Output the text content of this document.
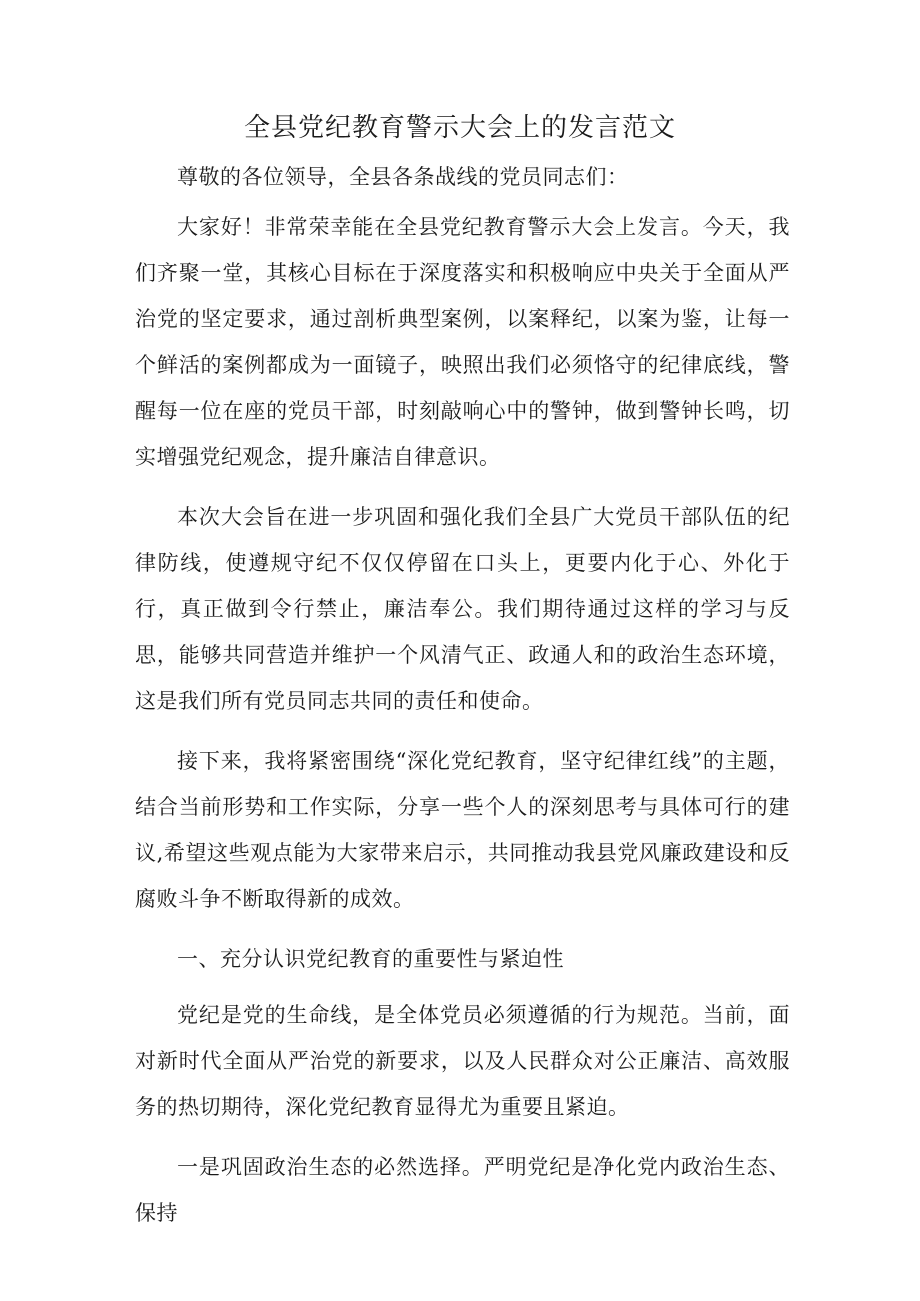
全县党纪教育警示大会上的发言范文

尊敬的各位领导，全县各条战线的党员同志们：

大家好！非常荣幸能在全县党纪教育警示大会上发言。今天，我们齐聚一堂，其核心目标在于深度落实和积极响应中央关于全面从严治党的坚定要求，通过剖析典型案例，以案释纪，以案为鉴，让每一个鲜活的案例都成为一面镜子，映照出我们必须恪守的纪律底线，警醒每一位在座的党员干部，时刻敲响心中的警钟，做到警钟长鸣，切实增强党纪观念，提升廉洁自律意识。

本次大会旨在进一步巩固和强化我们全县广大党员干部队伍的纪律防线，使遵规守纪不仅仅停留在口头上，更要内化于心、外化于行，真正做到令行禁止，廉洁奉公。我们期待通过这样的学习与反思，能够共同营造并维护一个风清气正、政通人和的政治生态环境，这是我们所有党员同志共同的责任和使命。

接下来，我将紧密围绕“深化党纪教育，坚守纪律红线”的主题，结合当前形势和工作实际，分享一些个人的深刻思考与具体可行的建议,希望这些观点能为大家带来启示，共同推动我县党风廉政建设和反腐败斗争不断取得新的成效。

一、充分认识党纪教育的重要性与紧迫性

党纪是党的生命线，是全体党员必须遵循的行为规范。当前，面对新时代全面从严治党的新要求，以及人民群众对公正廉洁、高效服务的热切期待，深化党纪教育显得尤为重要且紧迫。

一是巩固政治生态的必然选择。严明党纪是净化党内政治生态、保持
